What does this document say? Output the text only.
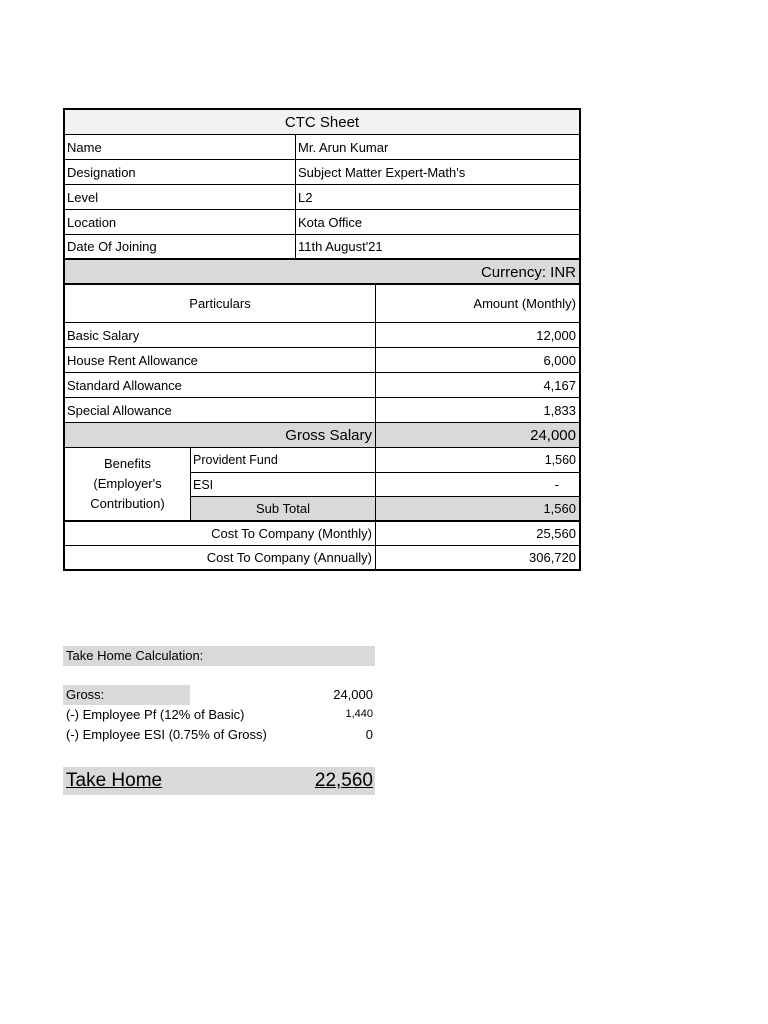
CTC Sheet
Name	Mr. Arun Kumar
Designation	Subject Matter Expert-Math's
Level	L2
Location	Kota Office
Date Of Joining	11th August'21
Currency: INR
Particulars	Amount (Monthly)
Basic Salary	12,000
House Rent Allowance	6,000
Standard Allowance	4,167
Special Allowance	1,833
Gross Salary	24,000
Benefits
(Employer's
Contribution)
Provident Fund	1,560
ESI	-
Sub Total	1,560
Cost To Company (Monthly)	25,560
Cost To Company (Annually)	306,720
Take Home Calculation:
Gross:	24,000
(-) Employee Pf (12% of Basic)	1,440
(-) Employee ESI (0.75% of Gross)	0
Take Home	22,560
